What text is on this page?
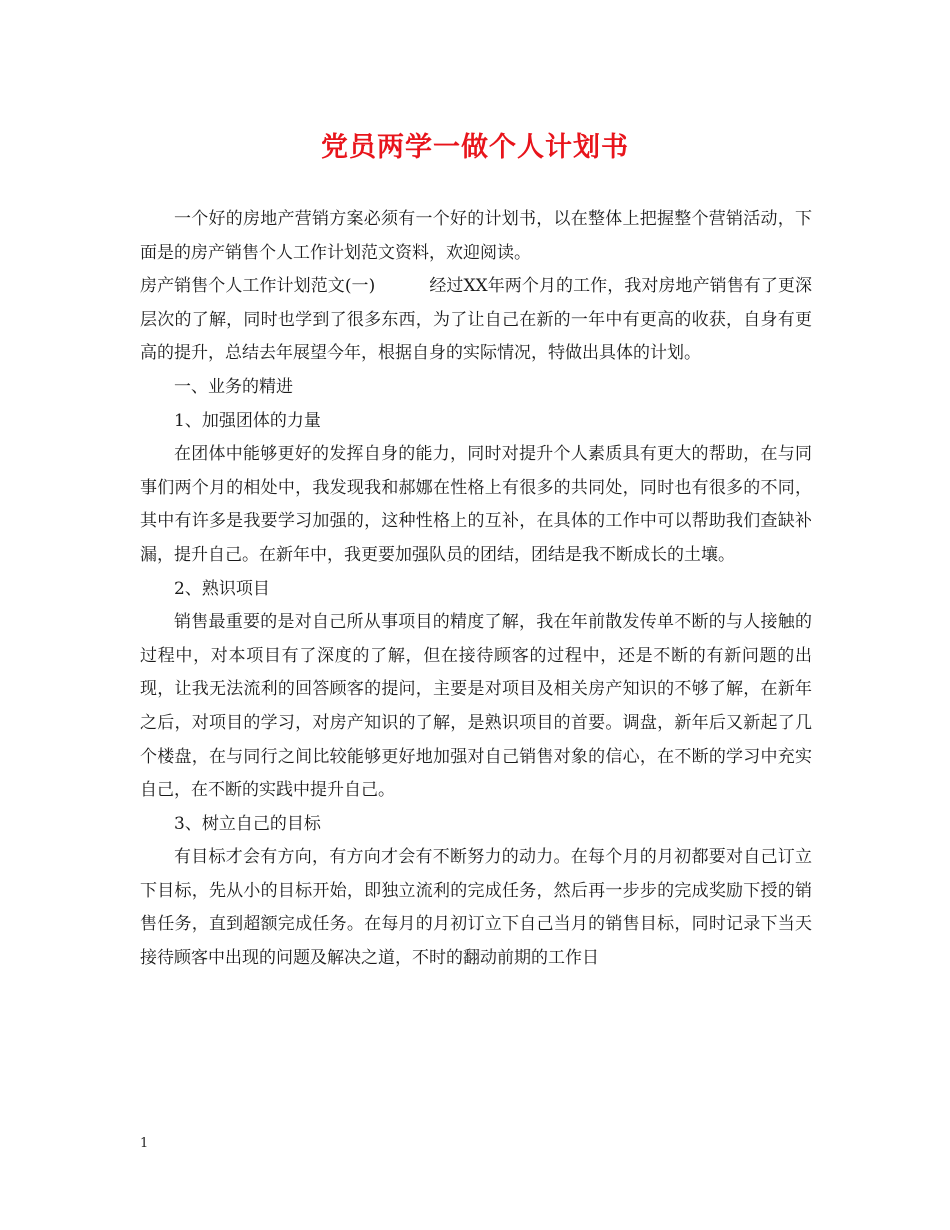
党员两学一做个人计划书

一个好的房地产营销方案必须有一个好的计划书，以在整体上把握整个营销活动，下面是的房产销售个人工作计划范文资料，欢迎阅读。

房产销售个人工作计划范文(一)	经过XX年两个月的工作，我对房地产销售有了更深层次的了解，同时也学到了很多东西，为了让自己在新的一年中有更高的收获，自身有更高的提升，总结去年展望今年，根据自身的实际情况，特做出具体的计划。

一、业务的精进

1、加强团体的力量

在团体中能够更好的发挥自身的能力，同时对提升个人素质具有更大的帮助，在与同事们两个月的相处中，我发现我和郝娜在性格上有很多的共同处，同时也有很多的不同，其中有许多是我要学习加强的，这种性格上的互补，在具体的工作中可以帮助我们查缺补漏，提升自己。在新年中，我更要加强队员的团结，团结是我不断成长的土壤。

2、熟识项目

销售最重要的是对自己所从事项目的精度了解，我在年前散发传单不断的与人接触的过程中，对本项目有了深度的了解，但在接待顾客的过程中，还是不断的有新问题的出现，让我无法流利的回答顾客的提问，主要是对项目及相关房产知识的不够了解，在新年之后，对项目的学习，对房产知识的了解，是熟识项目的首要。调盘，新年后又新起了几个楼盘，在与同行之间比较能够更好地加强对自己销售对象的信心，在不断的学习中充实自己，在不断的实践中提升自己。

3、树立自己的目标

有目标才会有方向，有方向才会有不断努力的动力。在每个月的月初都要对自己订立下目标，先从小的目标开始，即独立流利的完成任务，然后再一步步的完成奖励下授的销售任务，直到超额完成任务。在每月的月初订立下自己当月的销售目标，同时记录下当天接待顾客中出现的问题及解决之道，不时的翻动前期的工作日

1
